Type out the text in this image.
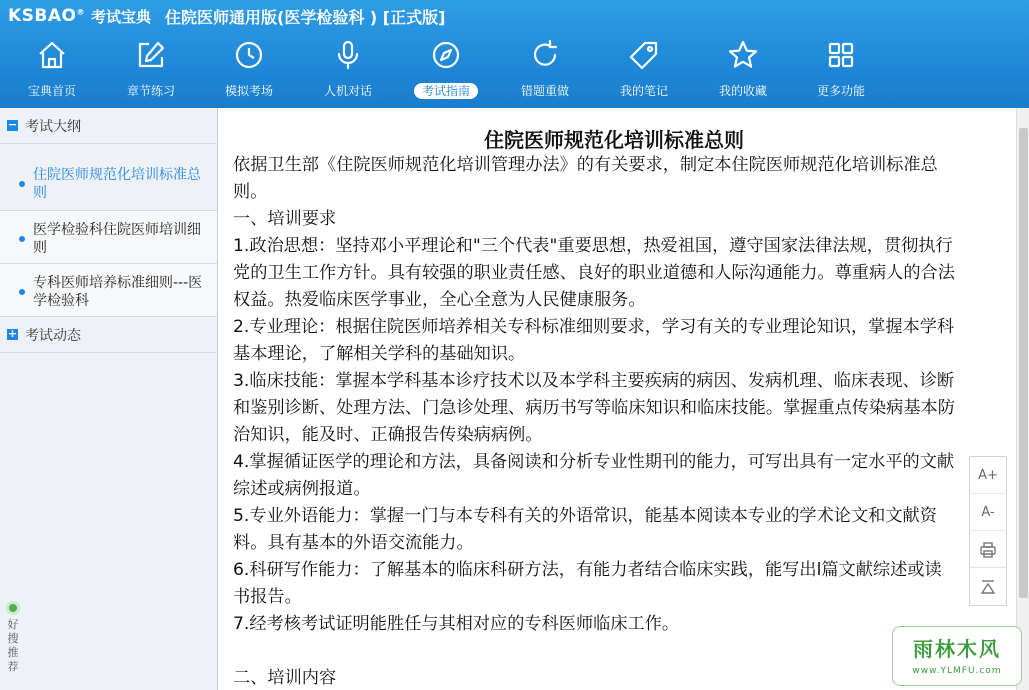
KSBAO® 考试宝典 住院医师通用版(医学检验科 ) [正式版]
宝典首页	章节练习	模拟考场	人机对话	考试指南	错题重做	我的笔记	我的收藏	更多功能
− 考试大纲
住院医师规范化培训标准总则
医学检验科住院医师培训细则
专科医师培养标准细则---医学检验科
+ 考试动态
好搜推荐
住院医师规范化培训标准总则

依据卫生部《住院医师规范化培训管理办法》的有关要求，制定本住院医师规范化培训标准总则。

一、培训要求

1.政治思想：坚持邓小平理论和"三个代表"重要思想，热爱祖国，遵守国家法律法规，贯彻执行党的卫生工作方针。具有较强的职业责任感、良好的职业道德和人际沟通能力。尊重病人的合法权益。热爱临床医学事业，全心全意为人民健康服务。

2.专业理论：根据住院医师培养相关专科标准细则要求，学习有关的专业理论知识，掌握本学科基本理论，了解相关学科的基础知识。

3.临床技能：掌握本学科基本诊疗技术以及本学科主要疾病的病因、发病机理、临床表现、诊断和鉴别诊断、处理方法、门急诊处理、病历书写等临床知识和临床技能。掌握重点传染病基本防治知识，能及时、正确报告传染病病例。

4.掌握循证医学的理论和方法，具备阅读和分析专业性期刊的能力，可写出具有一定水平的文献综述或病例报道。

5.专业外语能力：掌握一门与本专科有关的外语常识，能基本阅读本专业的学术论文和文献资料。具有基本的外语交流能力。

6.科研写作能力：了解基本的临床科研方法，有能力者结合临床实践，能写出l篇文献综述或读书报告。

7.经考核考试证明能胜任与其相对应的专科医师临床工作。

二、培训内容

A+
A-
雨林木风
www.YLMFU.com
